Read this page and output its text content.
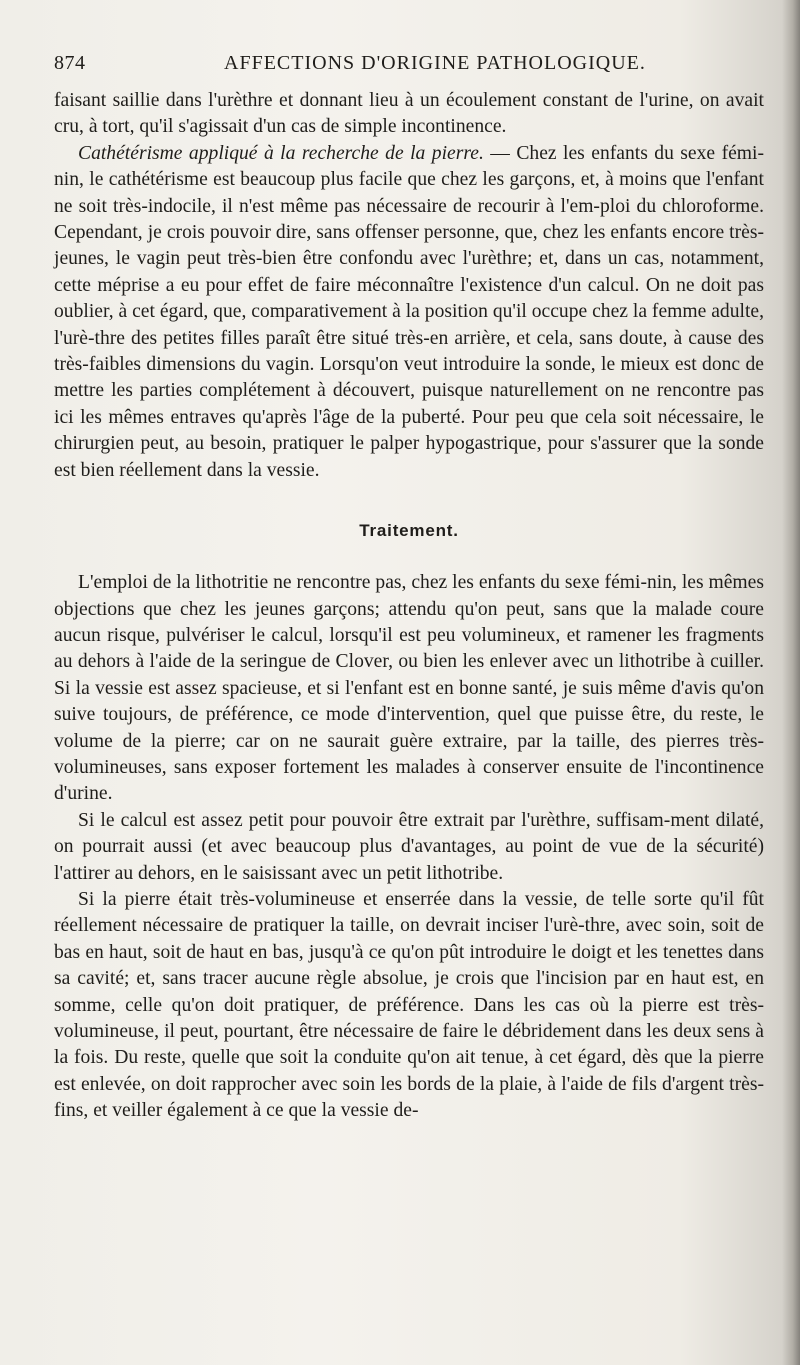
874	AFFECTIONS D'ORIGINE PATHOLOGIQUE.

faisant saillie dans l'urèthre et donnant lieu à un écoulement constant de l'urine, on avait cru, à tort, qu'il s'agissait d'un cas de simple incontinence.

Cathétérisme appliqué à la recherche de la pierre. — Chez les enfants du sexe fémi-nin, le cathétérisme est beaucoup plus facile que chez les garçons, et, à moins que l'enfant ne soit très-indocile, il n'est même pas nécessaire de recourir à l'em-ploi du chloroforme. Cependant, je crois pouvoir dire, sans offenser personne, que, chez les enfants encore très-jeunes, le vagin peut très-bien être confondu avec l'urèthre; et, dans un cas, notamment, cette méprise a eu pour effet de faire méconnaître l'existence d'un calcul. On ne doit pas oublier, à cet égard, que, comparativement à la position qu'il occupe chez la femme adulte, l'urè-thre des petites filles paraît être situé très-en arrière, et cela, sans doute, à cause des très-faibles dimensions du vagin. Lorsqu'on veut introduire la sonde, le mieux est donc de mettre les parties complétement à découvert, puisque naturellement on ne rencontre pas ici les mêmes entraves qu'après l'âge de la puberté. Pour peu que cela soit nécessaire, le chirurgien peut, au besoin, pratiquer le palper hypogastrique, pour s'assurer que la sonde est bien réellement dans la vessie.

Traitement.

L'emploi de la lithotritie ne rencontre pas, chez les enfants du sexe fémi-nin, les mêmes objections que chez les jeunes garçons; attendu qu'on peut, sans que la malade coure aucun risque, pulvériser le calcul, lorsqu'il est peu volumineux, et ramener les fragments au dehors à l'aide de la seringue de Clover, ou bien les enlever avec un lithotribe à cuiller. Si la vessie est assez spacieuse, et si l'enfant est en bonne santé, je suis même d'avis qu'on suive toujours, de préférence, ce mode d'intervention, quel que puisse être, du reste, le volume de la pierre; car on ne saurait guère extraire, par la taille, des pierres très-volumineuses, sans exposer fortement les malades à conserver ensuite de l'incontinence d'urine.

Si le calcul est assez petit pour pouvoir être extrait par l'urèthre, suffisam-ment dilaté, on pourrait aussi (et avec beaucoup plus d'avantages, au point de vue de la sécurité) l'attirer au dehors, en le saisissant avec un petit lithotribe.

Si la pierre était très-volumineuse et enserrée dans la vessie, de telle sorte qu'il fût réellement nécessaire de pratiquer la taille, on devrait inciser l'urè-thre, avec soin, soit de bas en haut, soit de haut en bas, jusqu'à ce qu'on pût introduire le doigt et les tenettes dans sa cavité; et, sans tracer aucune règle absolue, je crois que l'incision par en haut est, en somme, celle qu'on doit pratiquer, de préférence. Dans les cas où la pierre est très-volumineuse, il peut, pourtant, être nécessaire de faire le débridement dans les deux sens à la fois. Du reste, quelle que soit la conduite qu'on ait tenue, à cet égard, dès que la pierre est enlevée, on doit rapprocher avec soin les bords de la plaie, à l'aide de fils d'argent très-fins, et veiller également à ce que la vessie de-
